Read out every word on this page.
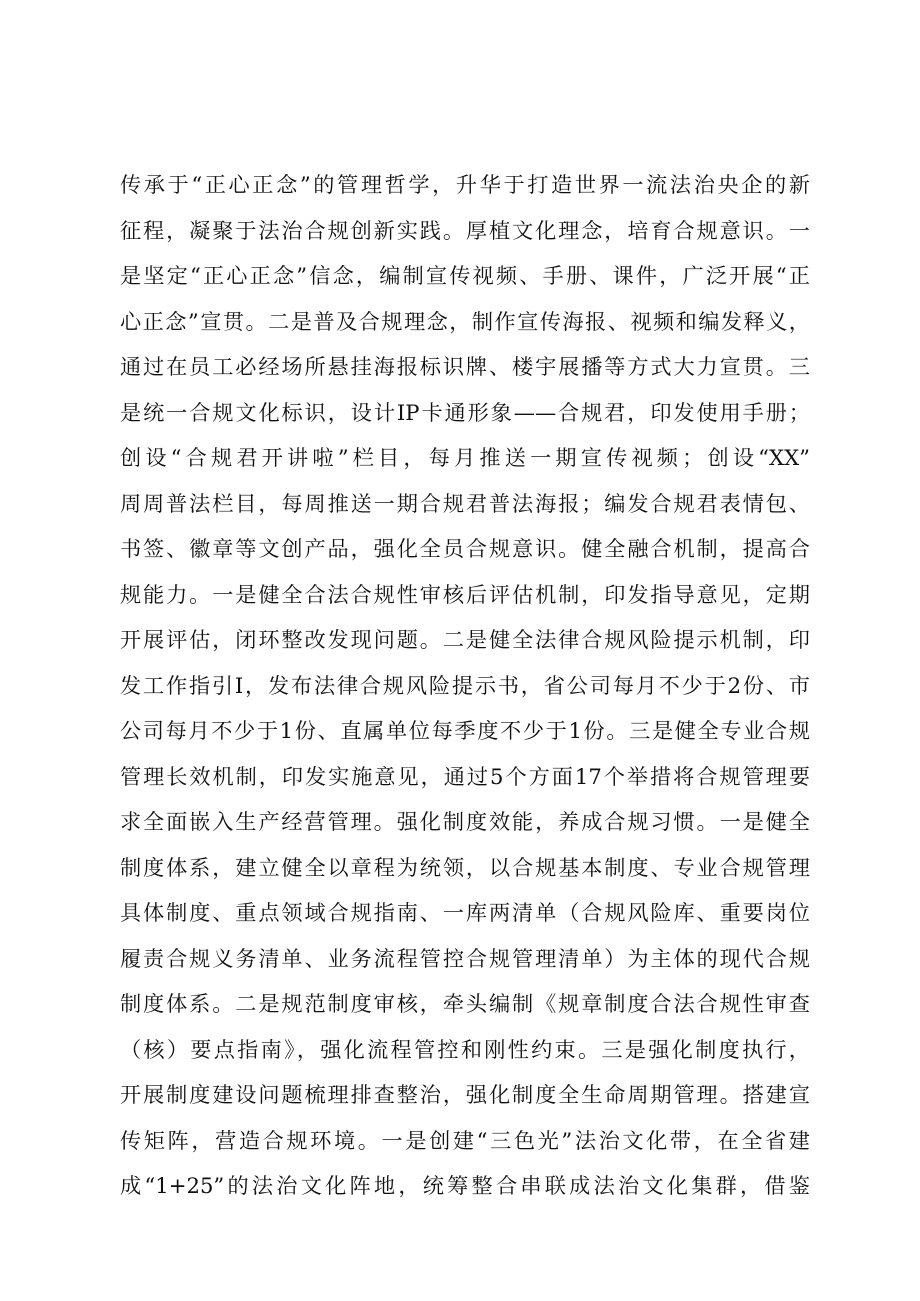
传承于“正心正念”的管理哲学，升华于打造世界一流法治央企的新
征程，凝聚于法治合规创新实践。厚植文化理念，培育合规意识。一
是坚定“正心正念”信念，编制宣传视频、手册、课件，广泛开展“正
心正念”宣贯。二是普及合规理念，制作宣传海报、视频和编发释义，
通过在员工必经场所悬挂海报标识牌、楼宇展播等方式大力宣贯。三
是统一合规文化标识，设计IP卡通形象——合规君，印发使用手册；
创设“合规君开讲啦”栏目，每月推送一期宣传视频；创设“XX”
周周普法栏目，每周推送一期合规君普法海报；编发合规君表情包、
书签、徽章等文创产品，强化全员合规意识。健全融合机制，提高合
规能力。一是健全合法合规性审核后评估机制，印发指导意见，定期
开展评估，闭环整改发现问题。二是健全法律合规风险提示机制，印
发工作指引I，发布法律合规风险提示书，省公司每月不少于2份、市
公司每月不少于1份、直属单位每季度不少于1份。三是健全专业合规
管理长效机制，印发实施意见，通过5个方面17个举措将合规管理要
求全面嵌入生产经营管理。强化制度效能，养成合规习惯。一是健全
制度体系，建立健全以章程为统领，以合规基本制度、专业合规管理
具体制度、重点领域合规指南、一库两清单（合规风险库、重要岗位
履责合规义务清单、业务流程管控合规管理清单）为主体的现代合规
制度体系。二是规范制度审核，牵头编制《规章制度合法合规性审查
（核）要点指南》，强化流程管控和刚性约束。三是强化制度执行，
开展制度建设问题梳理排查整治，强化制度全生命周期管理。搭建宣
传矩阵，营造合规环境。一是创建“三色光”法治文化带，在全省建
成“1+25”的法治文化阵地，统筹整合串联成法治文化集群，借鉴
